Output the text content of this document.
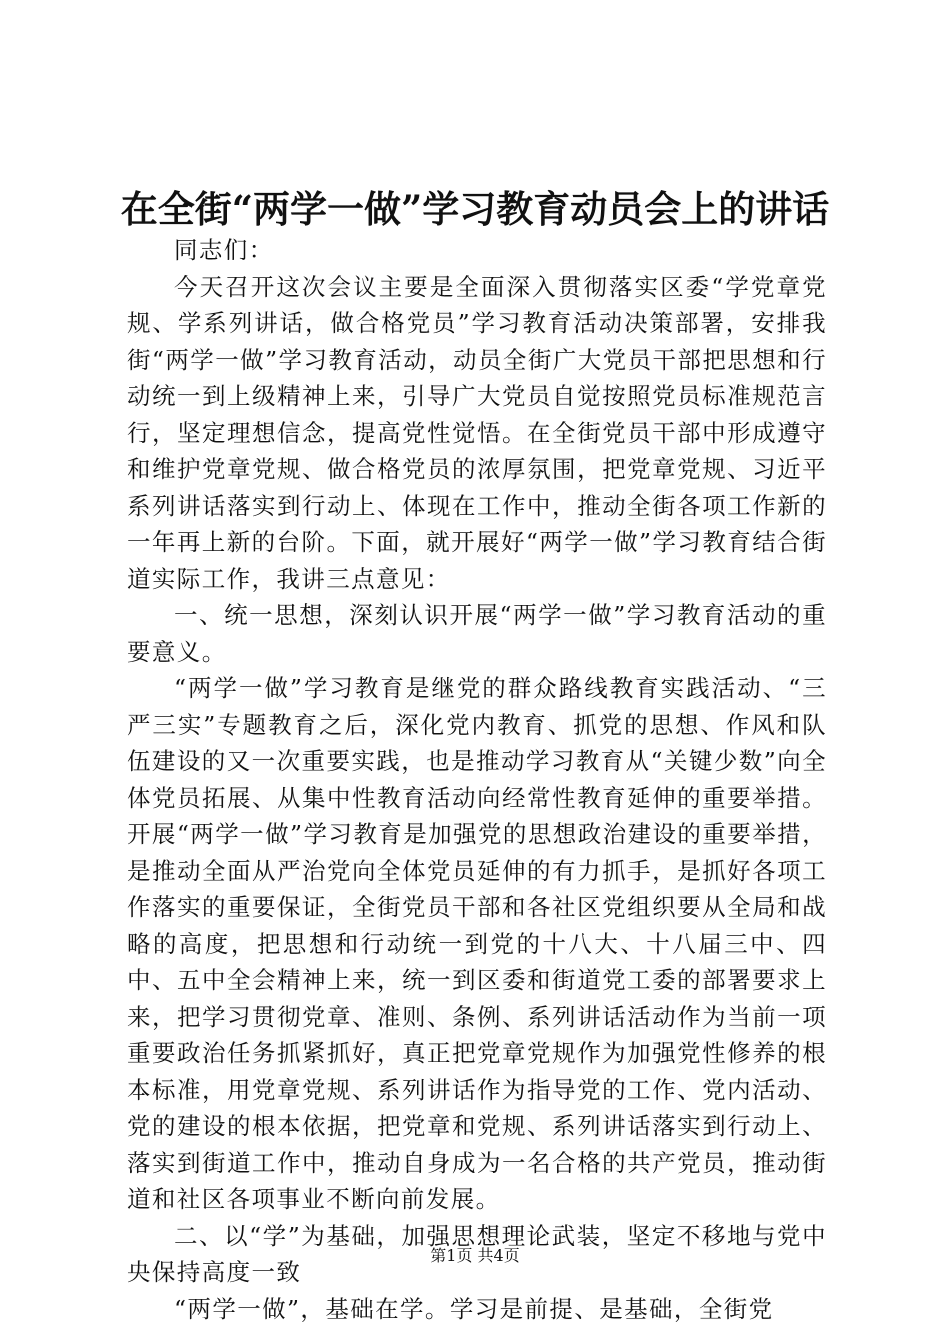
在全街“两学一做”学习教育动员会上的讲话

同志们：

今天召开这次会议主要是全面深入贯彻落实区委“学党章党规、学系列讲话，做合格党员”学习教育活动决策部署，安排我街“两学一做”学习教育活动，动员全街广大党员干部把思想和行动统一到上级精神上来，引导广大党员自觉按照党员标准规范言行，坚定理想信念，提高党性觉悟。在全街党员干部中形成遵守和维护党章党规、做合格党员的浓厚氛围，把党章党规、习近平系列讲话落实到行动上、体现在工作中，推动全街各项工作新的一年再上新的台阶。下面，就开展好“两学一做”学习教育结合街道实际工作，我讲三点意见：

一、统一思想，深刻认识开展“两学一做”学习教育活动的重要意义。

“两学一做”学习教育是继党的群众路线教育实践活动、“三严三实”专题教育之后，深化党内教育、抓党的思想、作风和队伍建设的又一次重要实践，也是推动学习教育从“关键少数”向全体党员拓展、从集中性教育活动向经常性教育延伸的重要举措。开展“两学一做”学习教育是加强党的思想政治建设的重要举措，是推动全面从严治党向全体党员延伸的有力抓手，是抓好各项工作落实的重要保证，全街党员干部和各社区党组织要从全局和战略的高度，把思想和行动统一到党的十八大、十八届三中、四中、五中全会精神上来，统一到区委和街道党工委的部署要求上来，把学习贯彻党章、准则、条例、系列讲话活动作为当前一项重要政治任务抓紧抓好，真正把党章党规作为加强党性修养的根本标准，用党章党规、系列讲话作为指导党的工作、党内活动、党的建设的根本依据，把党章和党规、系列讲话落实到行动上、落实到街道工作中，推动自身成为一名合格的共产党员，推动街道和社区各项事业不断向前发展。

二、以“学”为基础，加强思想理论武装，坚定不移地与党中央保持高度一致

“两学一做”，基础在学。学习是前提、是基础，全街党

第1页 共4页
